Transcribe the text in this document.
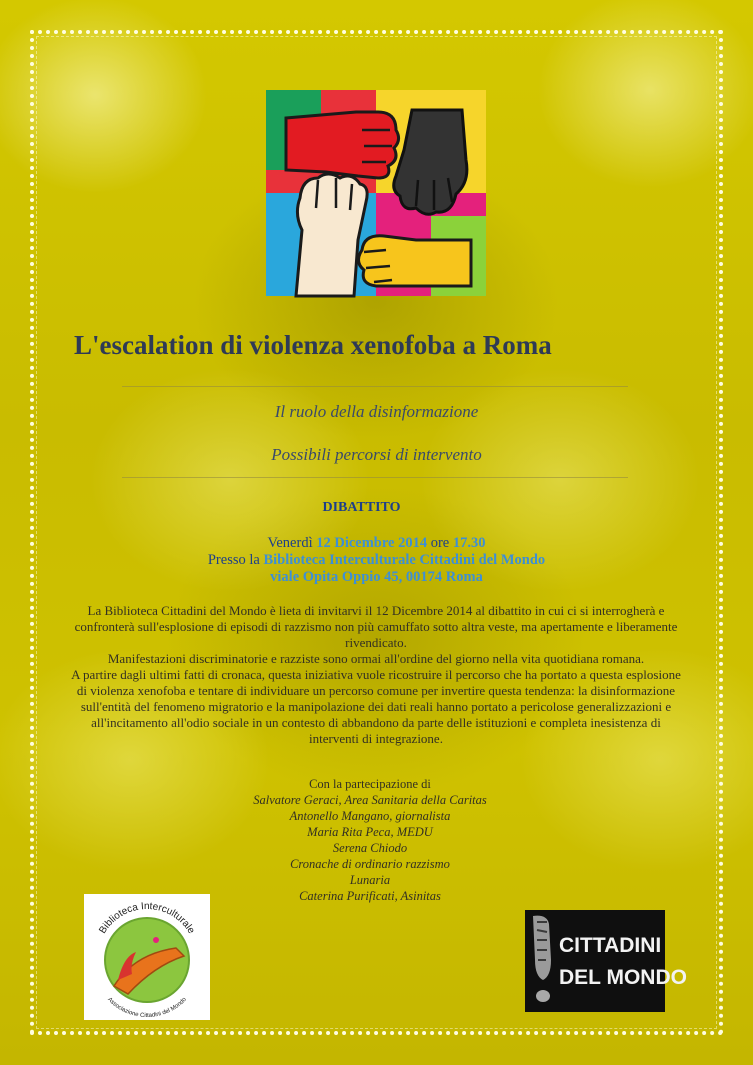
L'escalation di violenza xenofoba a Roma
Il ruolo della disinformazione
Possibili percorsi di intervento
DIBATTITO
Venerdì 12 Dicembre 2014 ore 17.30
Presso la Biblioteca Interculturale Cittadini del Mondo
viale Opita Oppio 45, 00174 Roma

La Biblioteca Cittadini del Mondo è lieta di invitarvi il 12 Dicembre 2014 al dibattito in cui ci si interrogherà e confronterà sull'esplosione di episodi di razzismo non più camuffato sotto altra veste, ma apertamente e liberamente rivendicato.

Manifestazioni discriminatorie e razziste sono ormai all'ordine del giorno nella vita quotidiana romana.

A partire dagli ultimi fatti di cronaca, questa iniziativa vuole ricostruire il percorso che ha portato a questa esplosione di violenza xenofoba e tentare di individuare un percorso comune per invertire questa tendenza: la disinformazione sull'entità del fenomeno migratorio e la manipolazione dei dati reali hanno portato a pericolose generalizzazioni e all'incitamento all'odio sociale in un contesto di abbandono da parte delle istituzioni e completa inesistenza di interventi di integrazione.

Con la partecipazione di
Salvatore Geraci, Area Sanitaria della Caritas
Antonello Mangano, giornalista
Maria Rita Peca, MEDU
Serena Chiodo
Cronache di ordinario razzismo
Lunaria
Caterina Purificati, Asinitas
Biblioteca Interculturale
Associazione Cittadini del Mondo
CITTADINI
DEL MONDO
